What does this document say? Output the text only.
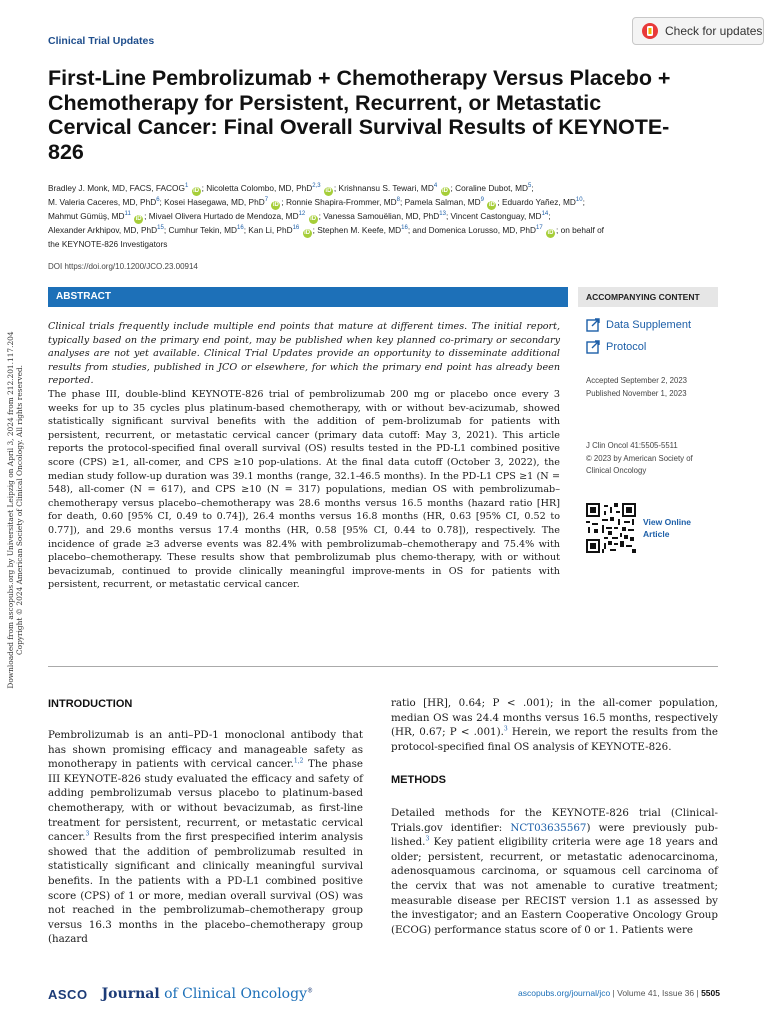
Downloaded from ascopubs.org by Universitaet Leipzig on April 3, 2024 from 212.201.117.204
Copyright © 2024 American Society of Clinical Oncology. All rights reserved.
Clinical Trial Updates
Check for updates
First-Line Pembrolizumab + Chemotherapy Versus Placebo + Chemotherapy for Persistent, Recurrent, or Metastatic Cervical Cancer: Final Overall Survival Results of KEYNOTE-826
Bradley J. Monk, MD, FACS, FACOG$^1$ iD ; Nicoletta Colombo, MD, PhD$^{2,3}$ iD ; Krishnansu S. Tewari, $MD^4$ iD ; Coraline Dubot, $MD^5$;
M. Valeria Caceres, MD, PhD$^6$; Kosei Hasegawa, MD, PhD$^7$ iD ; Ronnie Shapira-Frommer, $MD^8$; Pamela Salman, $MD^9$ iD ; Eduardo Yañez, MD$^{10}$;
Mahmut Gümüş, MD$^{11}$ iD ; Mivael Olivera Hurtado de Mendoza, MD$^{12}$ iD ; Vanessa Samouëlian, MD, PhD$^{13}$; Vincent Castonguay, MD$^{14}$;
Alexander Arkhipov, MD, PhD$^{15}$; Cumhur Tekin, MD$^{16}$; Kan Li, PhD$^{16}$ iD ; Stephen M. Keefe, MD$^{16}$; and Domenica Lorusso, MD, PhD$^{17}$ iD ; on behalf of
the KEYNOTE-826 Investigators
DOI https://doi.org/10.1200/JCO.23.00914
ABSTRACT	ACCOMPANYING CONTENT

Clinical trials frequently include multiple end points that mature at different times. The initial report, typically based on the primary end point, may be published when key planned co-primary or secondary analyses are not yet available. Clinical Trial Updates provide an opportunity to disseminate additional results from studies, published in JCO or elsewhere, for which the primary end point has already been reported.

The phase III, double-blind KEYNOTE-826 trial of pembrolizumab 200 mg or placebo once every 3 weeks for up to 35 cycles plus platinum-based chemotherapy, with or without bev-acizumab, showed statistically significant survival benefits with the addition of pem-brolizumab for patients with persistent, recurrent, or metastatic cervical cancer (primary data cutoff: May 3, 2021). This article reports the protocol-specified final overall survival (OS) results tested in the PD-L1 combined positive score (CPS) ≥1, all-comer, and CPS ≥10 pop-ulations. At the final data cutoff (October 3, 2022), the median study follow-up duration was 39.1 months (range, 32.1-46.5 months). In the PD-L1 CPS ≥1 (N = 548), all-comer (N = 617), and CPS ≥10 (N = 317) populations, median OS with pembrolizumab–chemotherapy versus placebo–chemotherapy was 28.6 months versus 16.5 months (hazard ratio [HR] for death, 0.60 [95% CI, 0.49 to 0.74]), 26.4 months versus 16.8 months (HR, 0.63 [95% CI, 0.52 to 0.77]), and 29.6 months versus 17.4 months (HR, 0.58 [95% CI, 0.44 to 0.78]), respectively. The incidence of grade ≥3 adverse events was 82.4% with pembrolizumab–chemotherapy and 75.4% with placebo–chemotherapy. These results show that pembrolizumab plus chemo-therapy, with or without bevacizumab, continued to provide clinically meaningful improve-ments in OS for patients with persistent, recurrent, or metastatic cervical cancer.

Data Supplement
Protocol
Accepted September 2, 2023
Published November 1, 2023
J Clin Oncol 41:5505-5511
© 2023 by American Society of Clinical Oncology
View Online Article
INTRODUCTION

Pembrolizumab is an anti–PD-1 monoclonal antibody that has shown promising efficacy and manageable safety as monotherapy in patients with cervical cancer.$^{1,2}$ The phase III KEYNOTE-826 study evaluated the efficacy and safety of adding pembrolizumab versus placebo to platinum-based chemotherapy, with or without bevacizumab, as first-line treatment for persistent, recurrent, or metastatic cervical cancer.$^3$ Results from the first prespecified interim analysis showed that the addition of pembrolizumab resulted in statistically significant and clinically meaningful survival benefits. In the patients with a PD-L1 combined positive score (CPS) of 1 or more, median overall survival (OS) was not reached in the pembrolizumab–chemotherapy group versus 16.3 months in the placebo–chemotherapy group (hazard

ratio [HR], 0.64; P < .001); in the all-comer population, median OS was 24.4 months versus 16.5 months, respectively (HR, 0.67; P < .001).$^3$ Herein, we report the results from the protocol-specified final OS analysis of KEYNOTE-826.

METHODS

Detailed methods for the KEYNOTE-826 trial (Clinical-Trials.gov identifier: NCT03635567) were previously pub-lished.$^3$ Key patient eligibility criteria were age 18 years and older; persistent, recurrent, or metastatic adenocarcinoma, adenosquamous carcinoma, or squamous cell carcinoma of the cervix that was not amenable to curative treatment; measurable disease per RECIST version 1.1 as assessed by the investigator; and an Eastern Cooperative Oncology Group (ECOG) performance status score of 0 or 1. Patients were

ASCO Journal of Clinical Oncology®	ascopubs.org/journal/jco | Volume 41, Issue 36 | 5505
